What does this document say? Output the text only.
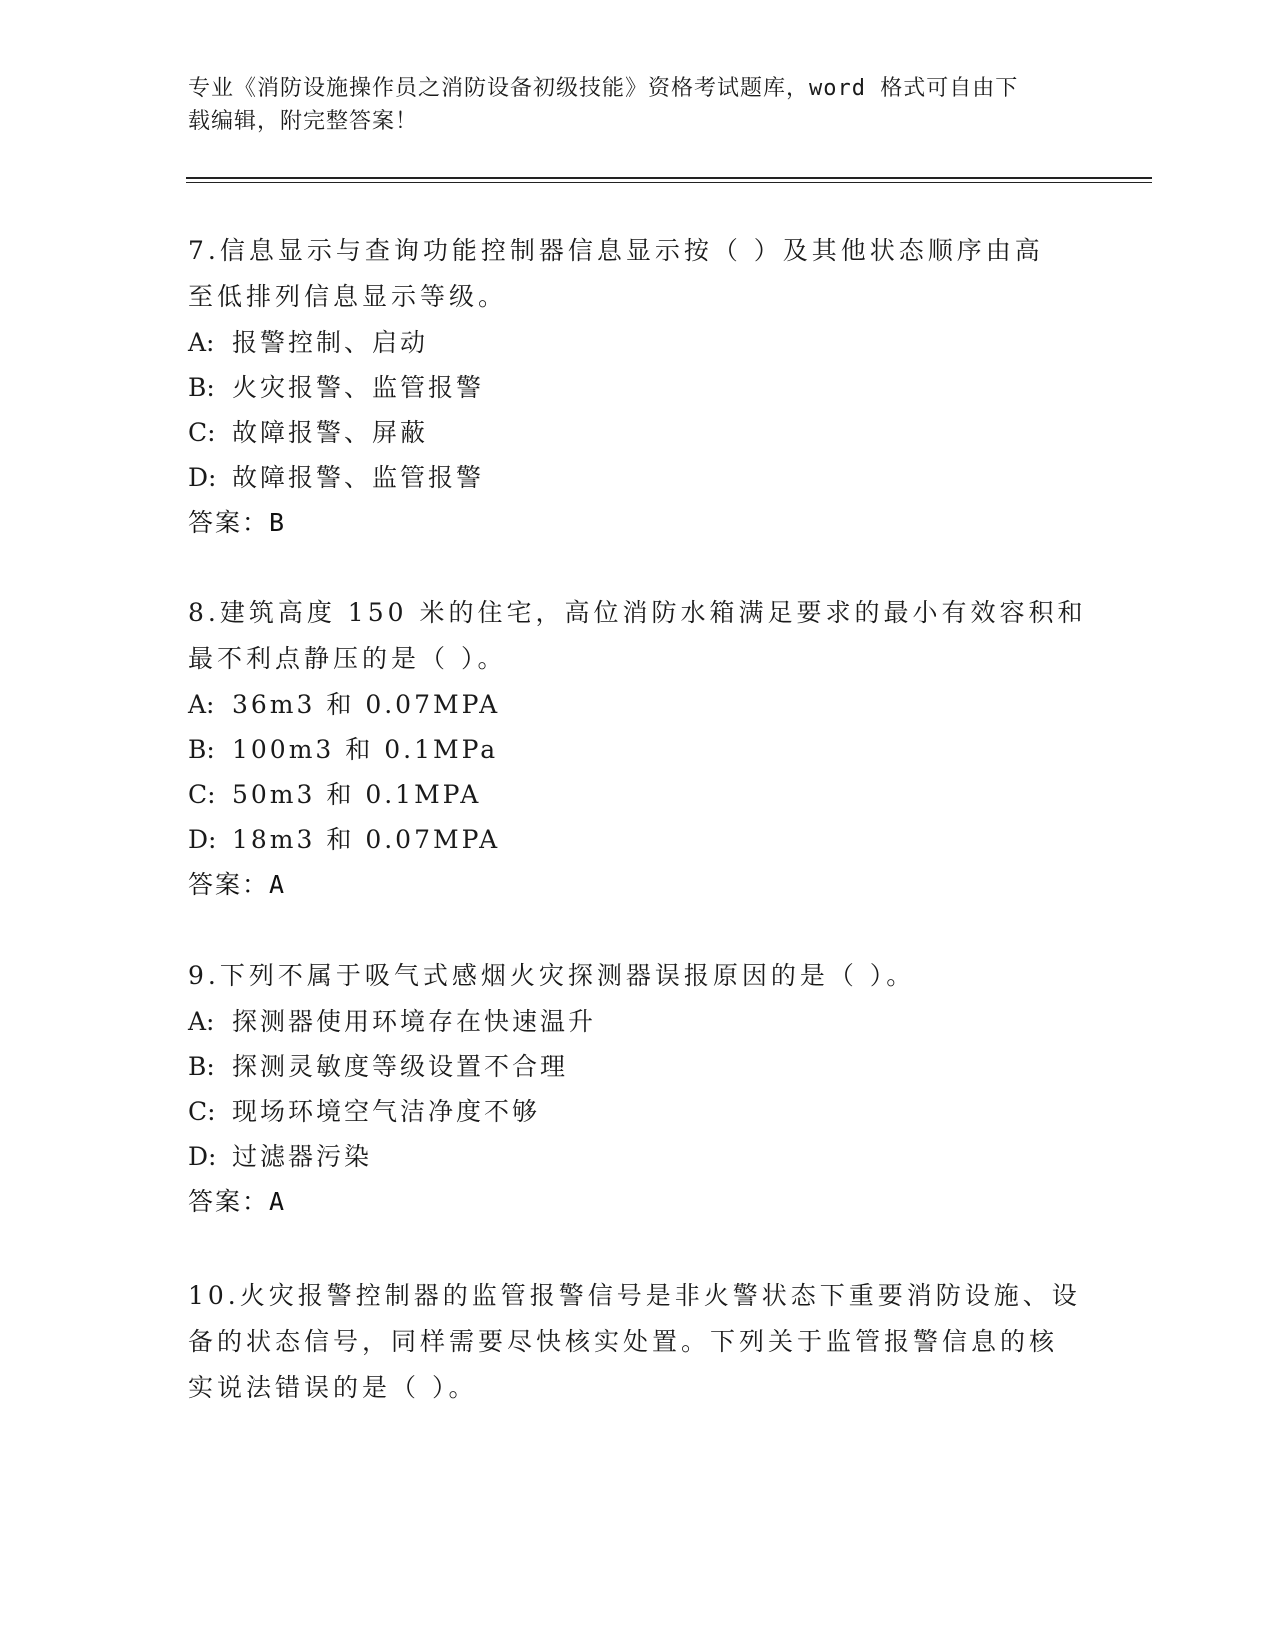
专业《消防设施操作员之消防设备初级技能》资格考试题库，word 格式可自由下
载编辑，附完整答案！
7.信息显示与查询功能控制器信息显示按（ ）及其他状态顺序由高
至低排列信息显示等级。
A: 报警控制、启动
B: 火灾报警、监管报警
C: 故障报警、屏蔽
D: 故障报警、监管报警
答案：B
8.建筑高度 150 米的住宅，高位消防水箱满足要求的最小有效容积和
最不利点静压的是（ ）。
A: 36m3 和 0.07MPA
B: 100m3 和 0.1MPa
C: 50m3 和 0.1MPA
D: 18m3 和 0.07MPA
答案：A
9.下列不属于吸气式感烟火灾探测器误报原因的是（ ）。
A: 探测器使用环境存在快速温升
B: 探测灵敏度等级设置不合理
C: 现场环境空气洁净度不够
D: 过滤器污染
答案：A
10.火灾报警控制器的监管报警信号是非火警状态下重要消防设施、设
备的状态信号，同样需要尽快核实处置。下列关于监管报警信息的核
实说法错误的是（ ）。
